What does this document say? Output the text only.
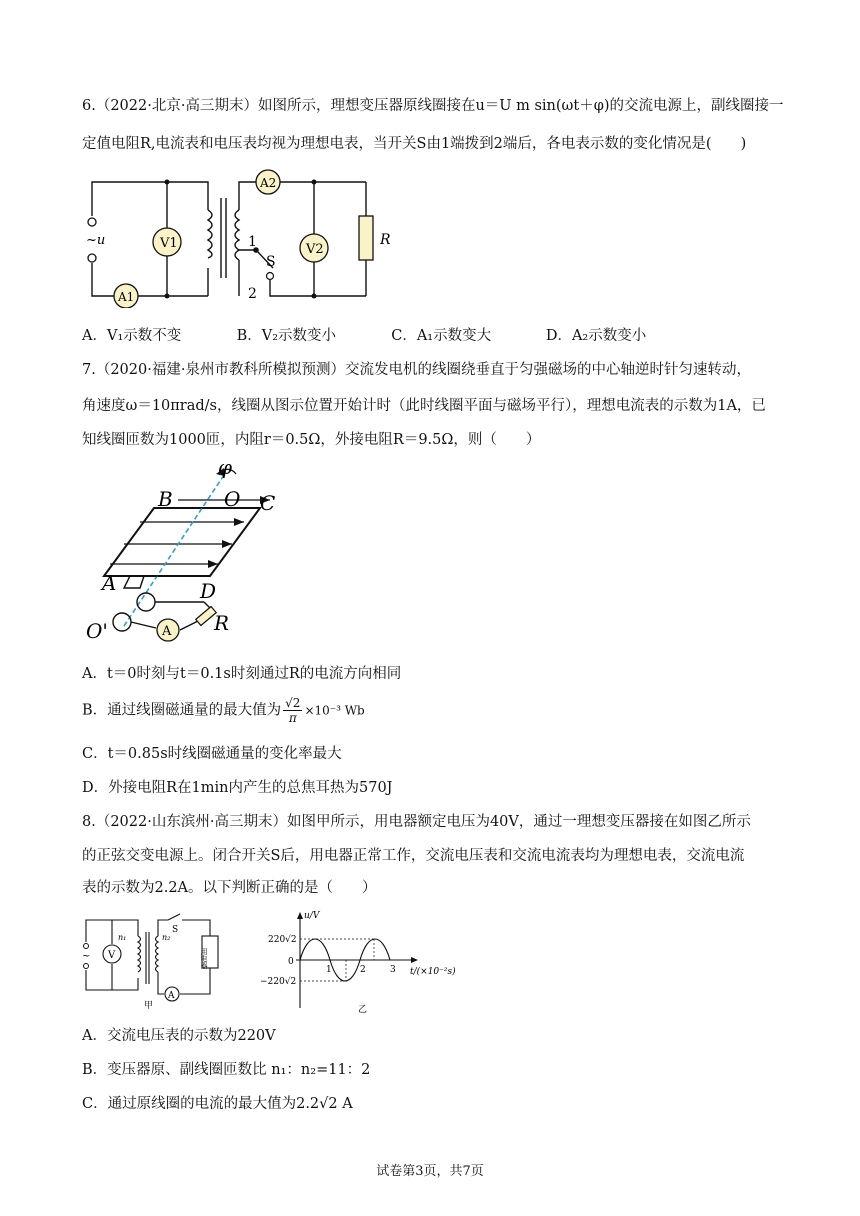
6.（2022·北京·高三期末）如图所示，理想变压器原线圈接在u＝U m sin(ωt＋φ)的交流电源上，副线圈接一
定值电阻R,电流表和电压表均视为理想电表，当开关S由1端拨到2端后，各电表示数的变化情况是(　　)
~u	V1
A1
A2
V2
R
1
2
S
A．V₁示数不变	B．V₂示数变小	C．A₁示数变大	D．A₂示数变小
7.（2020·福建·泉州市教科所模拟预测）交流发电机的线圈绕垂直于匀强磁场的中心轴逆时针匀速转动，
角速度ω＝10πrad/s，线圈从图示位置开始计时（此时线圈平面与磁场平行），理想电流表的示数为1A，已
知线圈匝数为1000匝，内阻r＝0.5Ω，外接电阻R＝9.5Ω，则（　　）
A
φ
O
B	C
A	D
O'	R
A．t＝0时刻与t＝0.1s时刻通过R的电流方向相同
B．通过线圈磁通量的最大值为 $\frac{√2}{\pi} \times 10^{-3}$ Wb
C．t＝0.85s时线圈磁通量的变化率最大
D．外接电阻R在1min内产生的总焦耳热为570J
8.（2022·山东滨州·高三期末）如图甲所示，用电器额定电压为40V，通过一理想变压器接在如图乙所示
的正弦交变电源上。闭合开关S后，用电器正常工作，交流电压表和交流电流表均为理想电表，交流电流
表的示数为2.2A。以下判断正确的是（　　）
~ V
A
用电器
n₁	n₂
S
甲
u/V
220√2
0
−220√2
1	2	3 t/(×10⁻²s)
乙
A．交流电压表的示数为220V
B．变压器原、副线圈匝数比 n₁：n₂=11：2
C．通过原线圈的电流的最大值为2.2√2 A
试卷第3页，共7页
